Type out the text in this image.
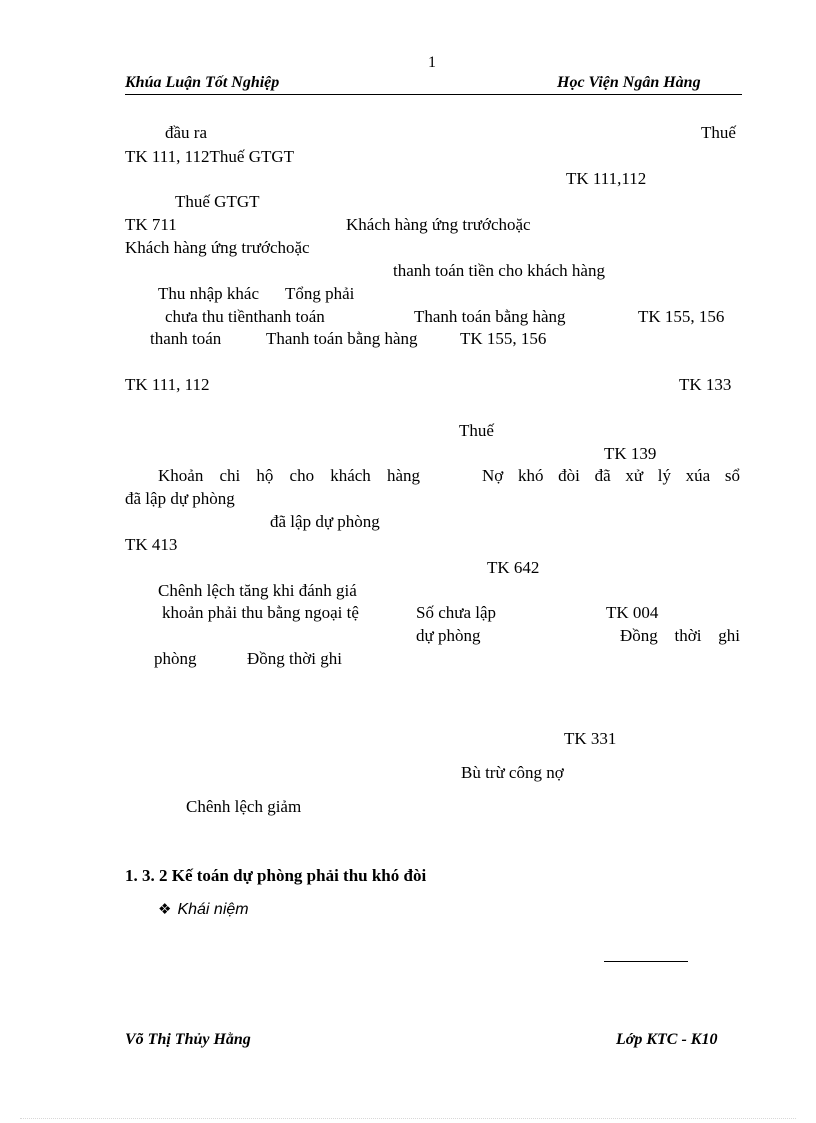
1
Khúa Luận Tốt Nghiệp	Học Viện Ngân Hàng
đầu ra	Thuế
TK 111, 112Thuế GTGT
TK 111,112
Thuế GTGT
TK 711	Khách hàng ứng trướchoặc
Khách hàng ứng trướchoặc
thanh toán tiền cho khách hàng
Thu nhập khác Tổng phải
chưa thu tiềnthanh toán	Thanh toán bằng hàng	TK 155, 156
thanh toán	Thanh toán bằng hàng TK 155, 156
TK 111, 112	TK 133
Thuế
TK 139
Khoản chi hộ cho khách hàng	Nợ khó đòi đã xử lý xúa sổ
đã lập dự phòng
đã lập dự phòng
TK 413
TK 642
Chênh lệch tăng khi đánh giá
khoản phải thu bằng ngoại tệ	Số chưa lập	TK 004
dự phòng	Đồng thời ghi
phòng	Đồng thời ghi
TK 331
Bù trừ công nợ
Chênh lệch giảm
1. 3. 2 Kế toán dự phòng phải thu khó đòi
❖ Khái niệm
Võ Thị Thủy Hằng	Lớp KTC - K10
